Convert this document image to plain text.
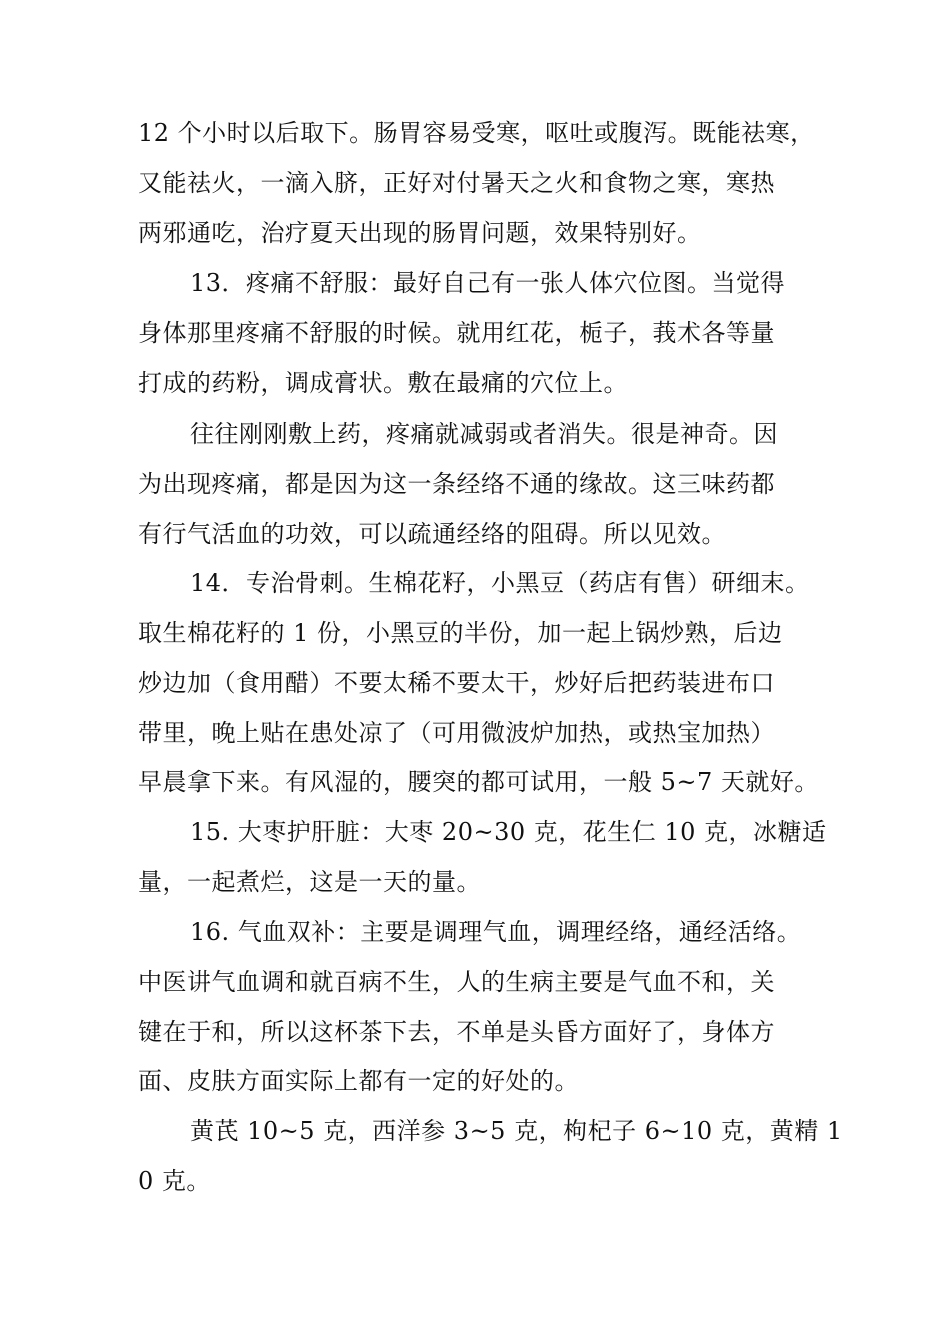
12 个小时以后取下。肠胃容易受寒，呕吐或腹泻。既能祛寒，
又能祛火，一滴入脐，正好对付暑天之火和食物之寒，寒热
两邪通吃，治疗夏天出现的肠胃问题，效果特别好。
13．疼痛不舒服：最好自己有一张人体穴位图。当觉得
身体那里疼痛不舒服的时候。就用红花，栀子，莪术各等量
打成的药粉，调成膏状。敷在最痛的穴位上。
往往刚刚敷上药，疼痛就减弱或者消失。很是神奇。因
为出现疼痛，都是因为这一条经络不通的缘故。这三味药都
有行气活血的功效，可以疏通经络的阻碍。所以见效。
14．专治骨刺。生棉花籽，小黑豆（药店有售）研细末。
取生棉花籽的 1 份，小黑豆的半份，加一起上锅炒熟，后边
炒边加（食用醋）不要太稀不要太干，炒好后把药装进布口
带里，晚上贴在患处凉了（可用微波炉加热，或热宝加热）
早晨拿下来。有风湿的，腰突的都可试用，一般 5~7 天就好。
15. 大枣护肝脏：大枣 20~30 克，花生仁 10 克，冰糖适
量，一起煮烂，这是一天的量。
16. 气血双补：主要是调理气血，调理经络，通经活络。
中医讲气血调和就百病不生，人的生病主要是气血不和，关
键在于和，所以这杯茶下去，不单是头昏方面好了，身体方
面、皮肤方面实际上都有一定的好处的。
黄芪 10~5 克，西洋参 3~5 克，枸杞子 6~10 克，黄精 1
0 克。
